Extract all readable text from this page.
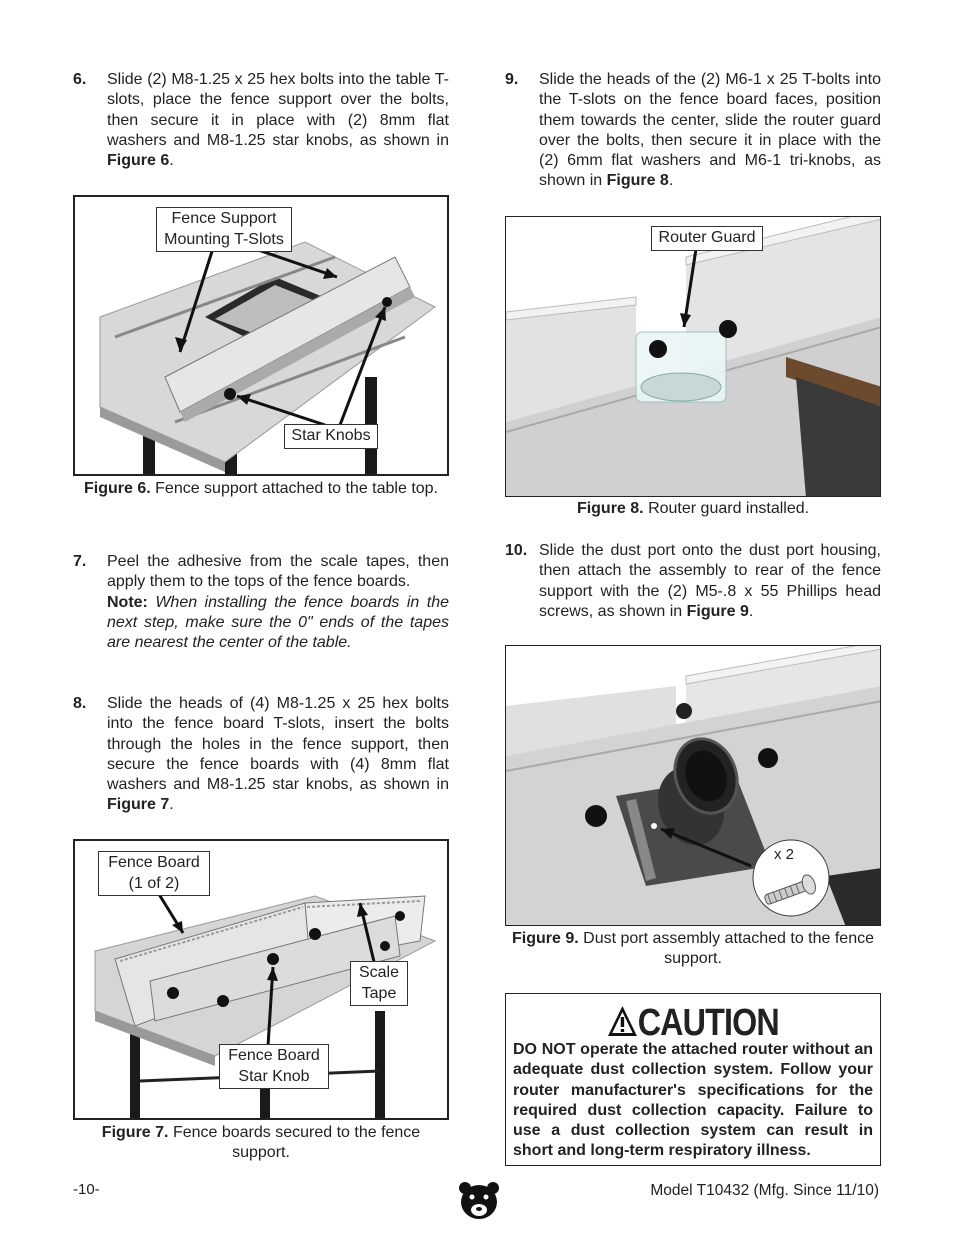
6. Slide (2) M8-1.25 x 25 hex bolts into the table T-slots, place the fence support over the bolts, then secure it in place with (2) 8mm flat washers and M8-1.25 star knobs, as shown in Figure 6.

Fence Support Mounting T-Slots
Star Knobs
Figure 6. Fence support attached to the table top.
7. Peel the adhesive from the scale tapes, then apply them to the tops of the fence boards.

Note: When installing the fence boards in the next step, make sure the 0" ends of the tapes are nearest the center of the table.

8. Slide the heads of (4) M8-1.25 x 25 hex bolts into the fence board T-slots, insert the bolts through the holes in the fence support, then secure the fence boards with (4) 8mm flat washers and M8-1.25 star knobs, as shown in Figure 7.

Fence Board (1 of 2)
Scale Tape
Fence Board Star Knob
Figure 7. Fence boards secured to the fence support.
9. Slide the heads of the (2) M6-1 x 25 T-bolts into the T-slots on the fence board faces, position them towards the center, slide the router guard over the bolts, then secure it in place with the (2) 6mm flat washers and M6-1 tri-knobs, as shown in Figure 8.

Router Guard
Figure 8. Router guard installed.
10. Slide the dust port onto the dust port housing, then attach the assembly to rear of the fence support with the (2) M5-.8 x 55 Phillips head screws, as shown in Figure 9.

x 2
Figure 9. Dust port assembly attached to the fence support.
CAUTION
DO NOT operate the attached router without an adequate dust collection system. Follow your router manufacturer's specifications for the required dust collection capacity. Failure to use a dust collection system can result in short and long-term respiratory illness.
-10-	Model T10432 (Mfg. Since 11/10)
